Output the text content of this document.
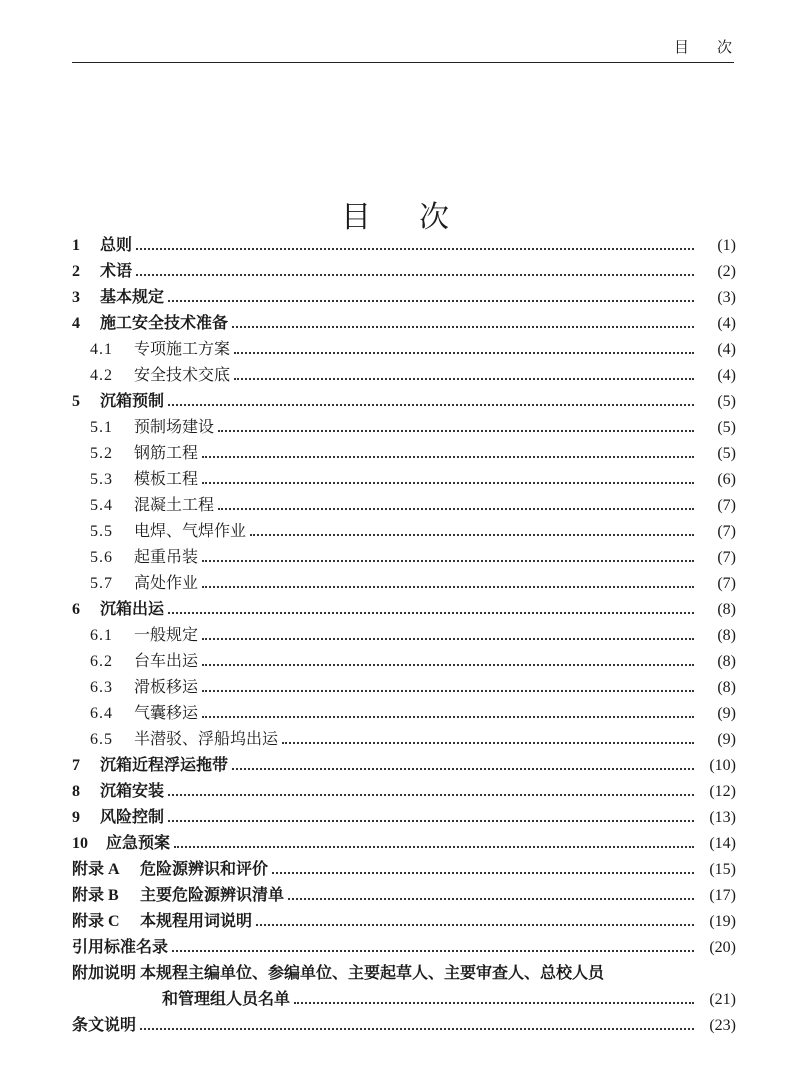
目次
目次
1	总则	(1)
2	术语	(2)
3	基本规定	(3)
4	施工安全技术准备	(4)
4.1	专项施工方案	(4)
4.2	安全技术交底	(4)
5	沉箱预制	(5)
5.1	预制场建设	(5)
5.2	钢筋工程	(5)
5.3	模板工程	(6)
5.4	混凝土工程	(7)
5.5	电焊、气焊作业	(7)
5.6	起重吊装	(7)
5.7	高处作业	(7)
6	沉箱出运	(8)
6.1	一般规定	(8)
6.2	台车出运	(8)
6.3	滑板移运	(8)
6.4	气囊移运	(9)
6.5	半潜驳、浮船坞出运	(9)
7	沉箱近程浮运拖带	(10)
8	沉箱安装	(12)
9	风险控制	(13)
10	应急预案	(14)
附录 A	危险源辨识和评价	(15)
附录 B	主要危险源辨识清单	(17)
附录 C	本规程用词说明	(19)
引用标准名录	(20)
附加说明 本规程主编单位、参编单位、主要起草人、主要审查人、总校人员
和管理组人员名单	(21)
条文说明	(23)
